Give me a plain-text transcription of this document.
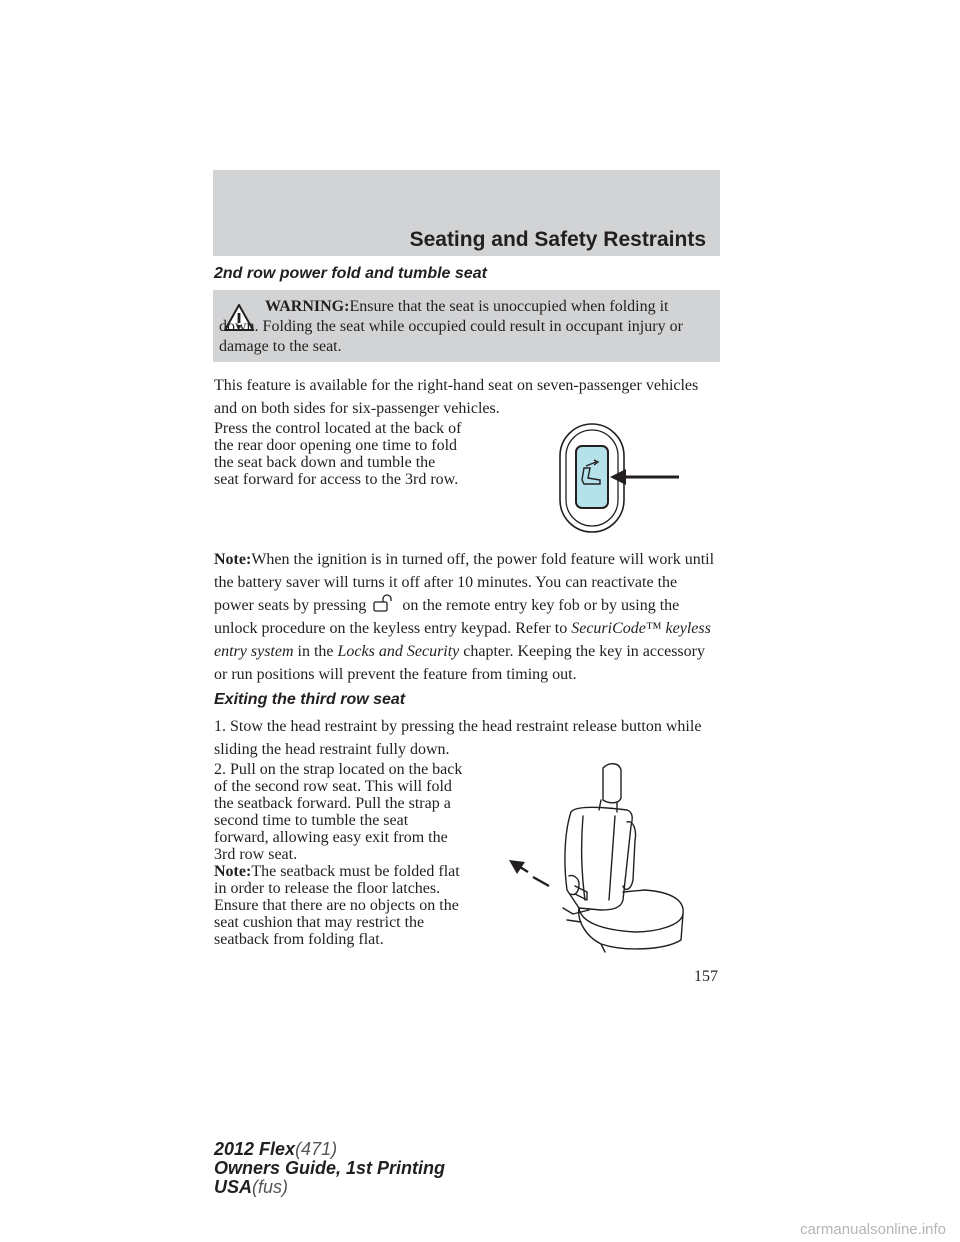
Seating and Safety Restraints
2nd row power fold and tumble seat
WARNING:Ensure that the seat is unoccupied when folding it down. Folding the seat while occupied could result in occupant injury or damage to the seat.
This feature is available for the right-hand seat on seven-passenger vehicles and on both sides for six-passenger vehicles.
Press the control located at the back of the rear door opening one time to fold the seat back down and tumble the seat forward for access to the 3rd row.
Note:When the ignition is in turned off, the power fold feature will work until the battery saver will turns it off after 10 minutes. You can reactivate the power seats by pressing on the remote entry key fob or by using the unlock procedure on the keyless entry keypad. Refer to SecuriCode™ keyless entry system in the Locks and Security chapter. Keeping the key in accessory or run positions will prevent the feature from timing out.
Exiting the third row seat
1. Stow the head restraint by pressing the head restraint release button while sliding the head restraint fully down.
2. Pull on the strap located on the back of the second row seat. This will fold the seatback forward. Pull the strap a second time to tumble the seat forward, allowing easy exit from the 3rd row seat.
Note:The seatback must be folded flat in order to release the floor latches. Ensure that there are no objects on the seat cushion that may restrict the seatback from folding flat.
157
2012 Flex(471)
Owners Guide, 1st Printing
USA(fus)
carmanualsonline.info
